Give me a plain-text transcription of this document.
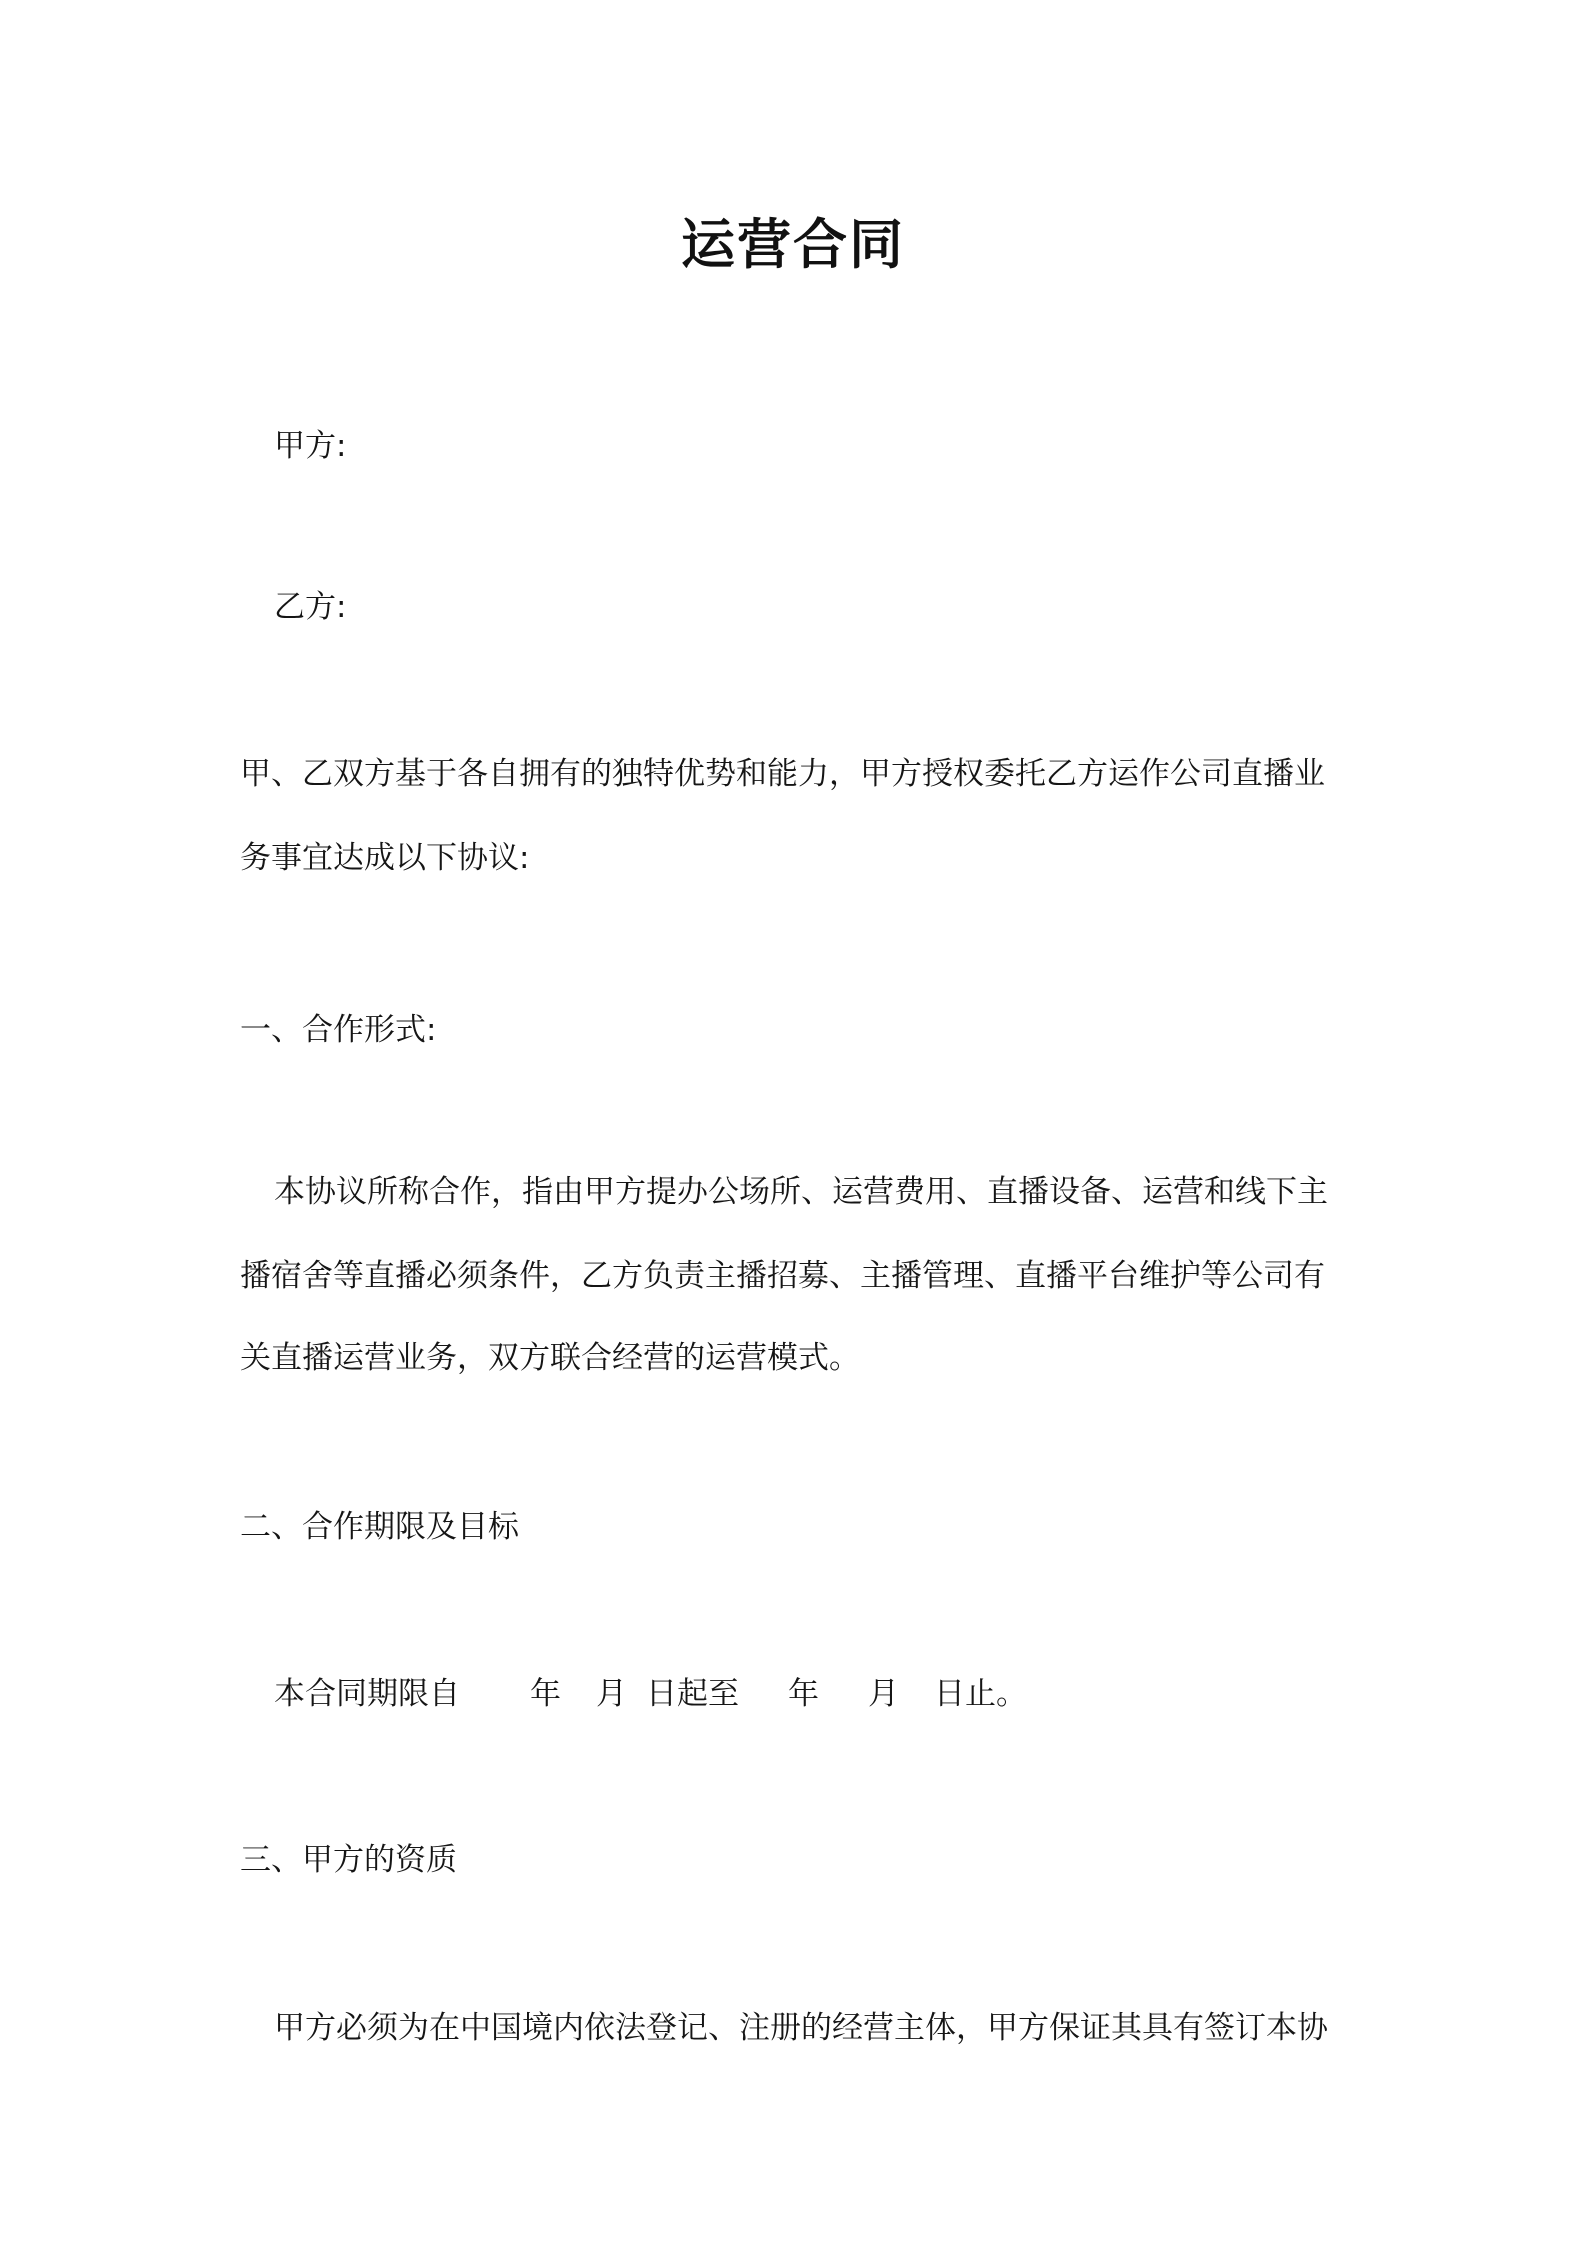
运营合同
甲方:
乙方:
甲、乙双方基于各自拥有的独特优势和能力，甲方授权委托乙方运作公司直播业
务事宜达成以下协议:
一、合作形式:
本协议所称合作，指由甲方提办公场所、运营费用、直播设备、运营和线下主
播宿舍等直播必须条件，乙方负责主播招募、主播管理、直播平台维护等公司有
关直播运营业务，双方联合经营的运营模式。
二、合作期限及目标

本合同期限自

年

月

日起至

年

月

日止。

三、甲方的资质
甲方必须为在中国境内依法登记、注册的经营主体，甲方保证其具有签订本协
